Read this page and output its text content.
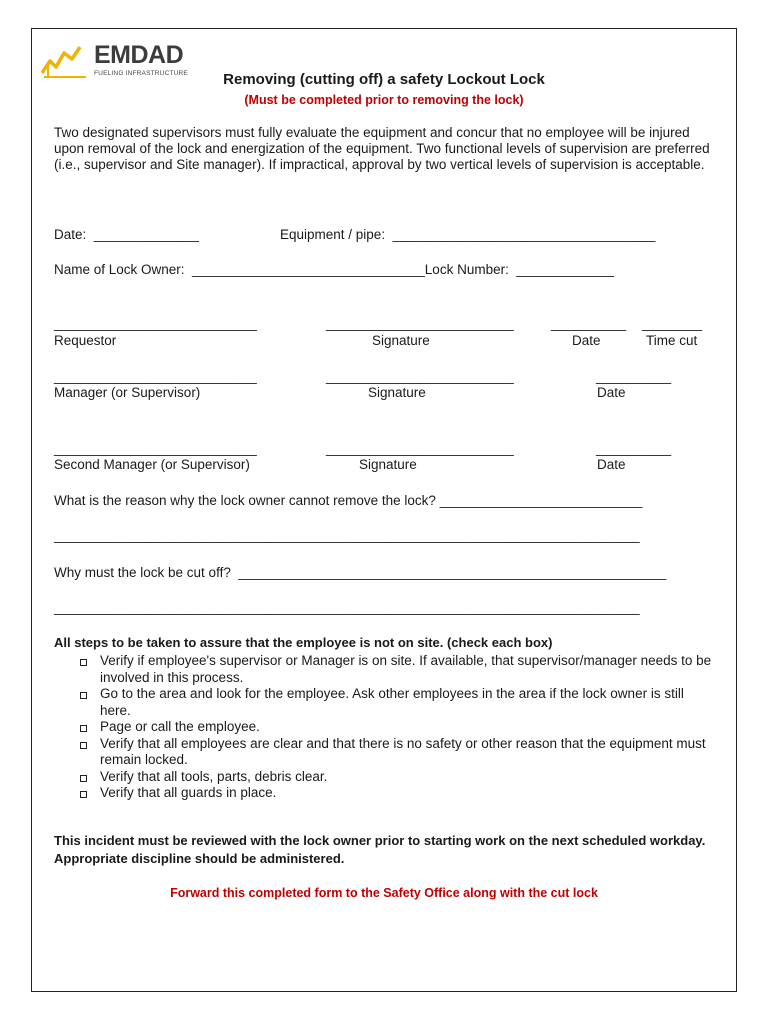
EMDAD
FUELING INFRASTRUCTURE	Removing (cutting off) a safety Lockout Lock
(Must be completed prior to removing the lock)
Two designated supervisors must fully evaluate the equipment and concur that no employee will be injured upon removal of the lock and energization of the equipment. Two functional levels of supervision are preferred (i.e., supervisor and Site manager). If impractical, approval by two vertical levels of supervision is acceptable.
Date:  ______________	Equipment / pipe:  ___________________________________
Name of Lock Owner:  _______________________________Lock Number:  _____________
___________________________	_________________________	__________ ________
Requestor	Signature	Date	Time cut
___________________________	_________________________	__________
Manager (or Supervisor)	Signature	Date
___________________________	_________________________	__________
Second Manager (or Supervisor)	Signature	Date
What is the reason why the lock owner cannot remove the lock? ___________________________
______________________________________________________________________________
Why must the lock be cut off?  _________________________________________________________
______________________________________________________________________________
All steps to be taken to assure that the employee is not on site. (check each box)
Verify if employee's supervisor or Manager is on site. If available, that supervisor/manager needs to be involved in this process.
Go to the area and look for the employee. Ask other employees in the area if the lock owner is still here.
Page or call the employee.
Verify that all employees are clear and that there is no safety or other reason that the equipment must remain locked.
Verify that all tools, parts, debris clear.
Verify that all guards in place.
This incident must be reviewed with the lock owner prior to starting work on the next scheduled workday. Appropriate discipline should be administered.
Forward this completed form to the Safety Office along with the cut lock
